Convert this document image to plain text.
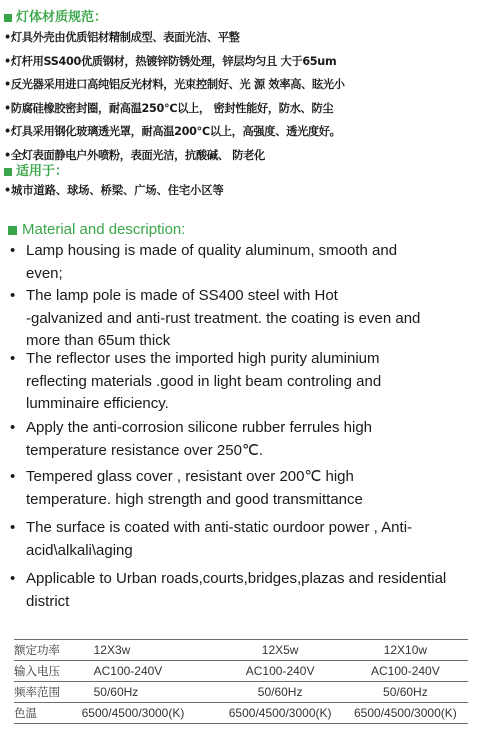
灯体材质规范：
•灯具外壳由优质铝材精制成型、表面光洁、平整
•灯杆用SS400优质钢材，热镀锌防锈处理，锌层均匀且 大于65um
•反光器采用进口高纯铝反光材料，光束控制好、光 源 效率高、眩光小
•防腐硅橡胶密封圈，耐高温250℃以上， 密封性能好，防水、防尘
•灯具采用钢化玻璃透光罩，耐高温200℃以上，高强度、透光度好。
•全灯表面静电户外喷粉，表面光洁，抗酸碱、 防老化
适用于：
•城市道路、球场、桥梁、广场、住宅小区等
Material and description:
• Lamp housing is made of quality aluminum, smooth and
even;
• The lamp pole is made of SS400 steel with Hot
-galvanized and anti-rust treatment. the coating is even and
more than 65um thick
• The reflector uses the imported high purity aluminium
reflecting materials .good in light beam controling and
lumminaire efficiency.
• Apply the anti-corrosion silicone rubber ferrules high
temperature resistance over 250℃.
• Tempered glass cover , resistant over 200℃ high
temperature. high strength and good transmittance
• The surface is coated with anti-static ourdoor power , Anti-
acid\alkali\aging
• Applicable to Urban roads,courts,bridges,plazas and residential
district
额定功率	12X3w	12X5w	12X10w
输入电压	AC100-240V	AC100-240V	AC100-240V
频率范围	50/60Hz	50/60Hz	50/60Hz
色温	6500/4500/3000(K)	6500/4500/3000(K)	6500/4500/3000(K)
